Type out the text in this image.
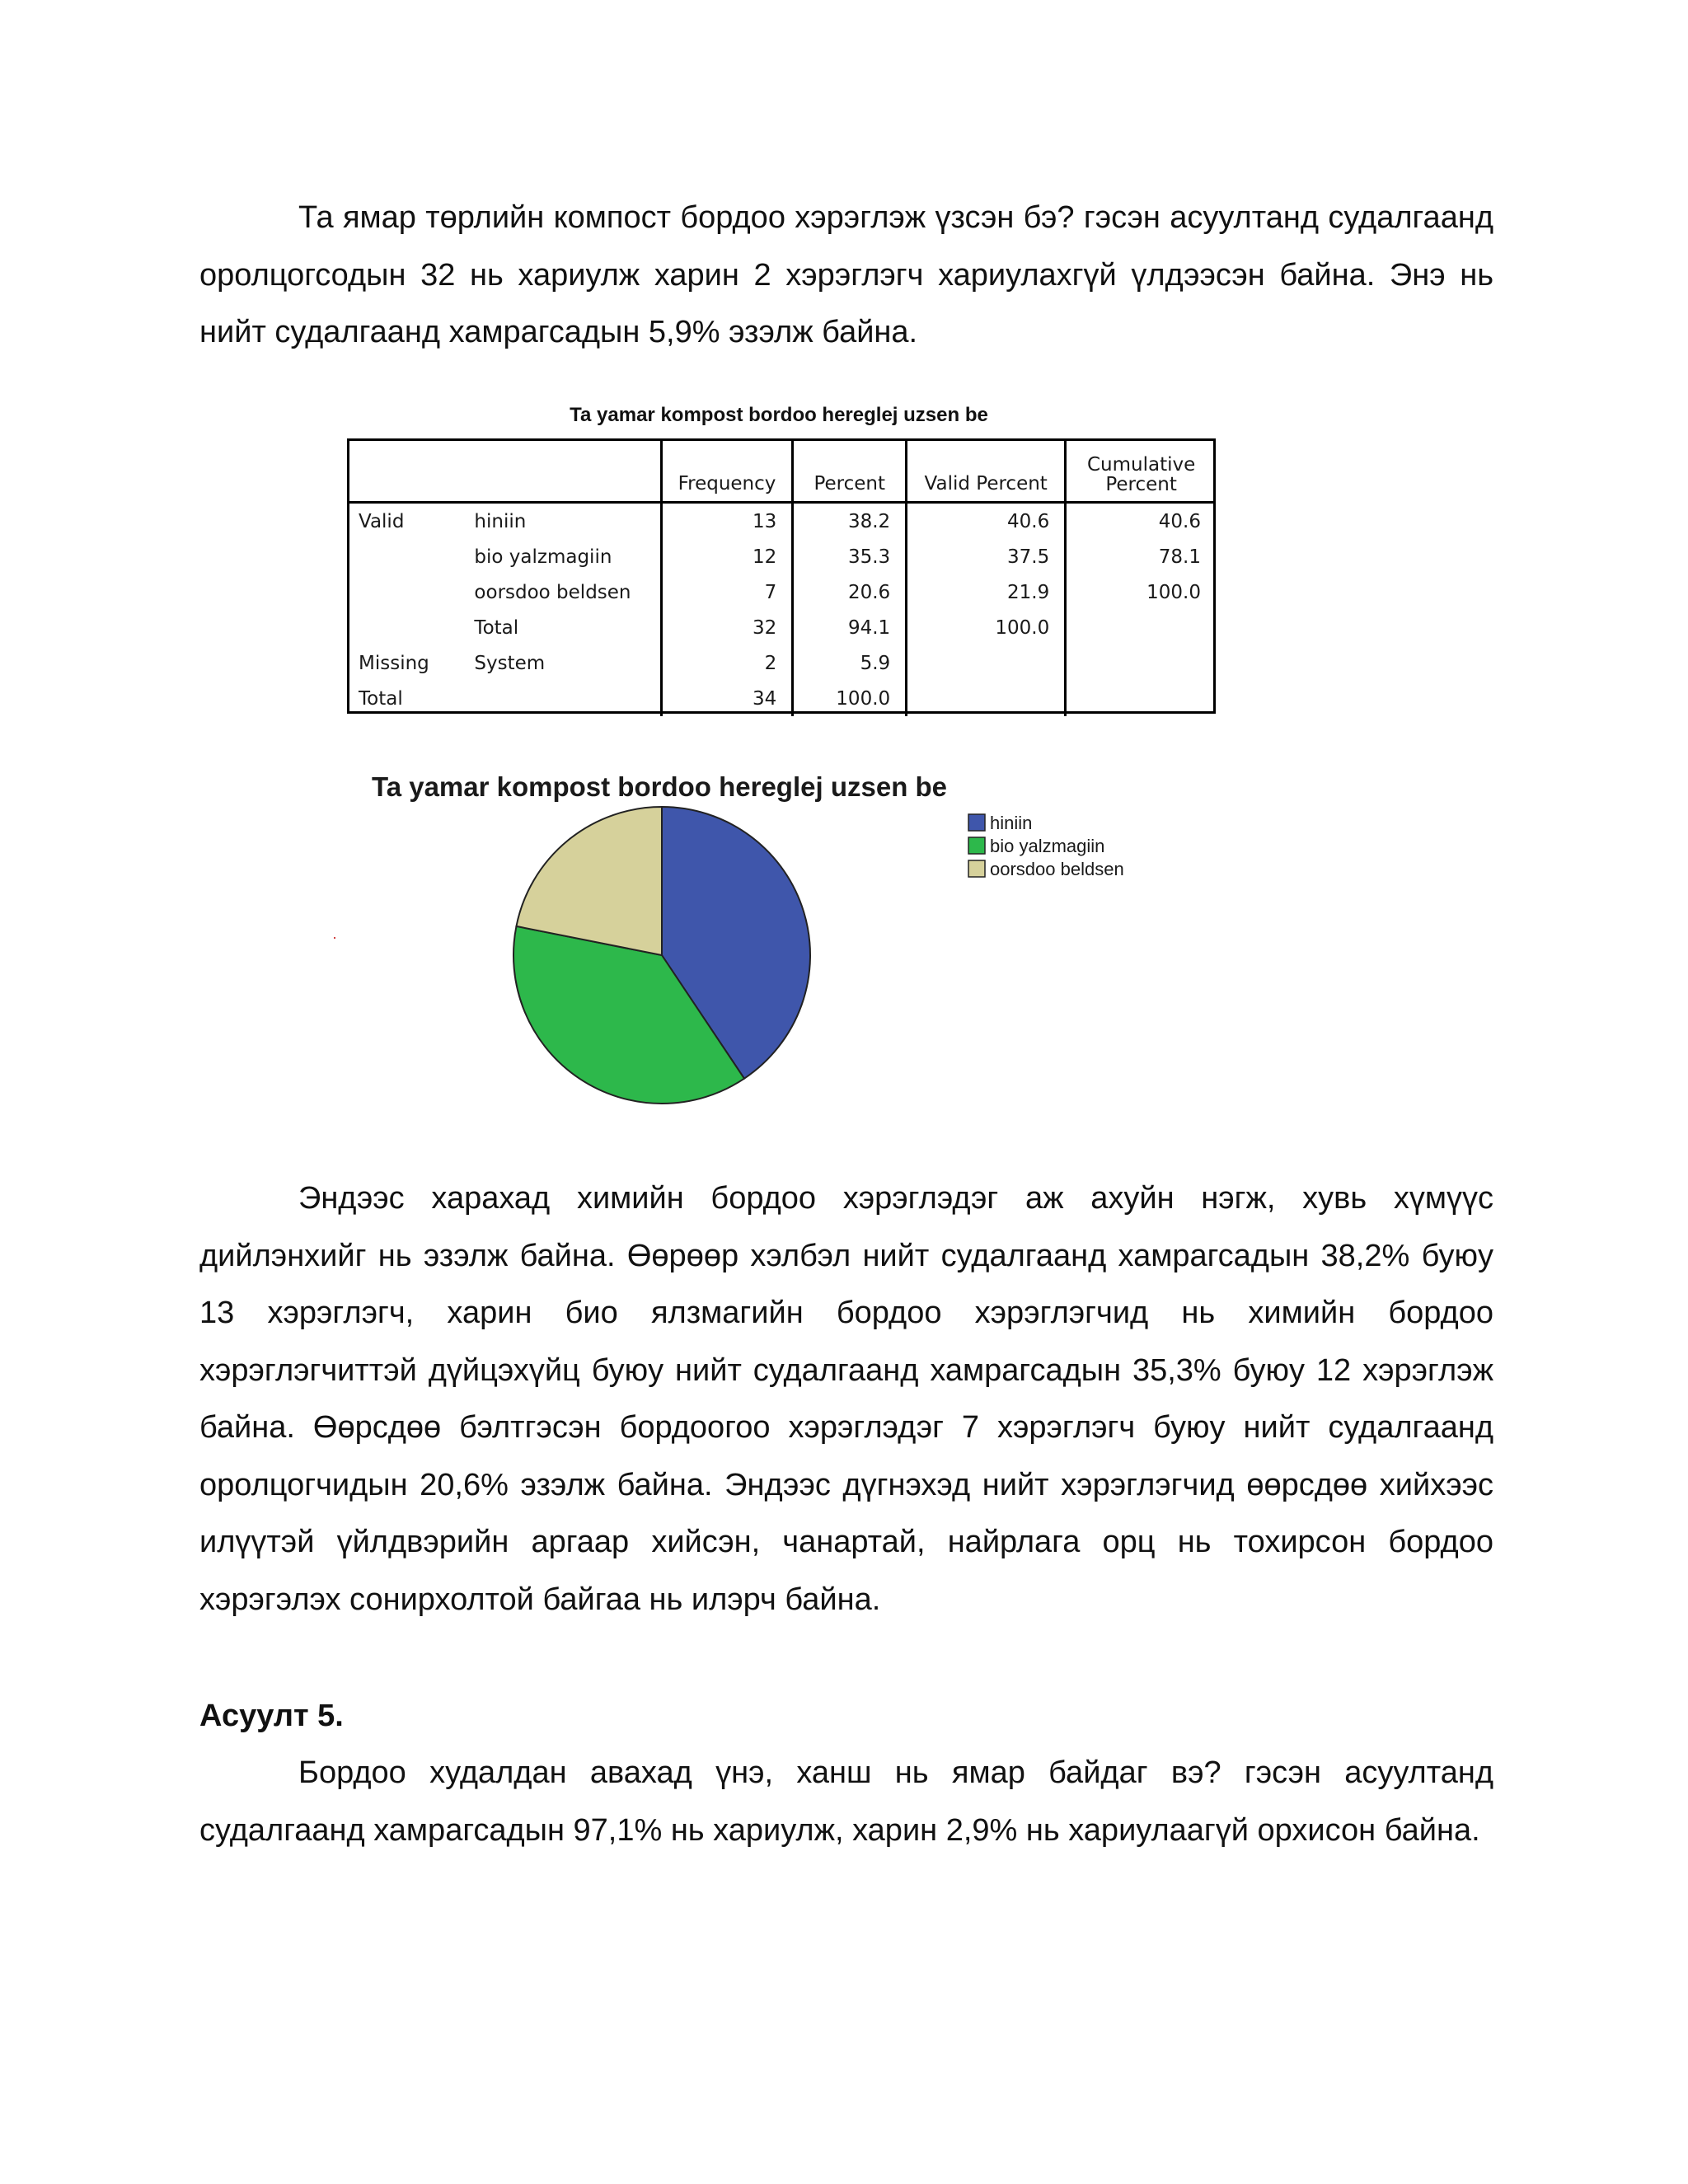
Та ямар төрлийн компост бордоо хэрэглэж үзсэн бэ? гэсэн асуултанд судалгаанд оролцогсодын 32 нь хариулж харин 2 хэрэглэгч хариулахгүй үлдээсэн байна. Энэ нь нийт судалгаанд хамрагсадын 5,9% эзэлж байна.

Ta yamar kompost bordoo hereglej uzsen be
		Frequency	Percent	Valid Percent	Cumulative Percent
Valid	hiniin	13	38.2	40.6	40.6
	bio yalzmagiin	12	35.3	37.5	78.1
	oorsdoo beldsen	7	20.6	21.9	100.0
	Total	32	94.1	100.0	
Missing	System	2	5.9		
Total		34	100.0		
Ta yamar kompost bordoo hereglej uzsen be
hiniin
bio yalzmagiin
oorsdoo beldsen

Эндээс харахад химийн бордоо хэрэглэдэг аж ахуйн нэгж, хувь хүмүүс дийлэнхийг нь эзэлж байна. Өөрөөр хэлбэл нийт судалгаанд хамрагсадын 38,2% буюу 13 хэрэглэгч, харин био ялзмагийн бордоо хэрэглэгчид нь химийн бордоо хэрэглэгчиттэй дүйцэхүйц буюу нийт судалгаанд хамрагсадын 35,3% буюу 12 хэрэглэж байна. Өөрсдөө бэлтгэсэн бордоогоо хэрэглэдэг 7 хэрэглэгч буюу нийт судалгаанд оролцогчидын 20,6% эзэлж байна. Эндээс дүгнэхэд нийт хэрэглэгчид өөрсдөө хийхээс илүүтэй үйлдвэрийн аргаар хийсэн, чанартай, найрлага орц нь тохирсон бордоо хэрэгэлэх сонирхолтой байгаа нь илэрч байна.

Асуулт 5.

Бордоо худалдан авахад үнэ, ханш нь ямар байдаг вэ? гэсэн асуултанд судалгаанд хамрагсадын 97,1% нь хариулж, харин 2,9% нь хариулаагүй орхисон байна.
